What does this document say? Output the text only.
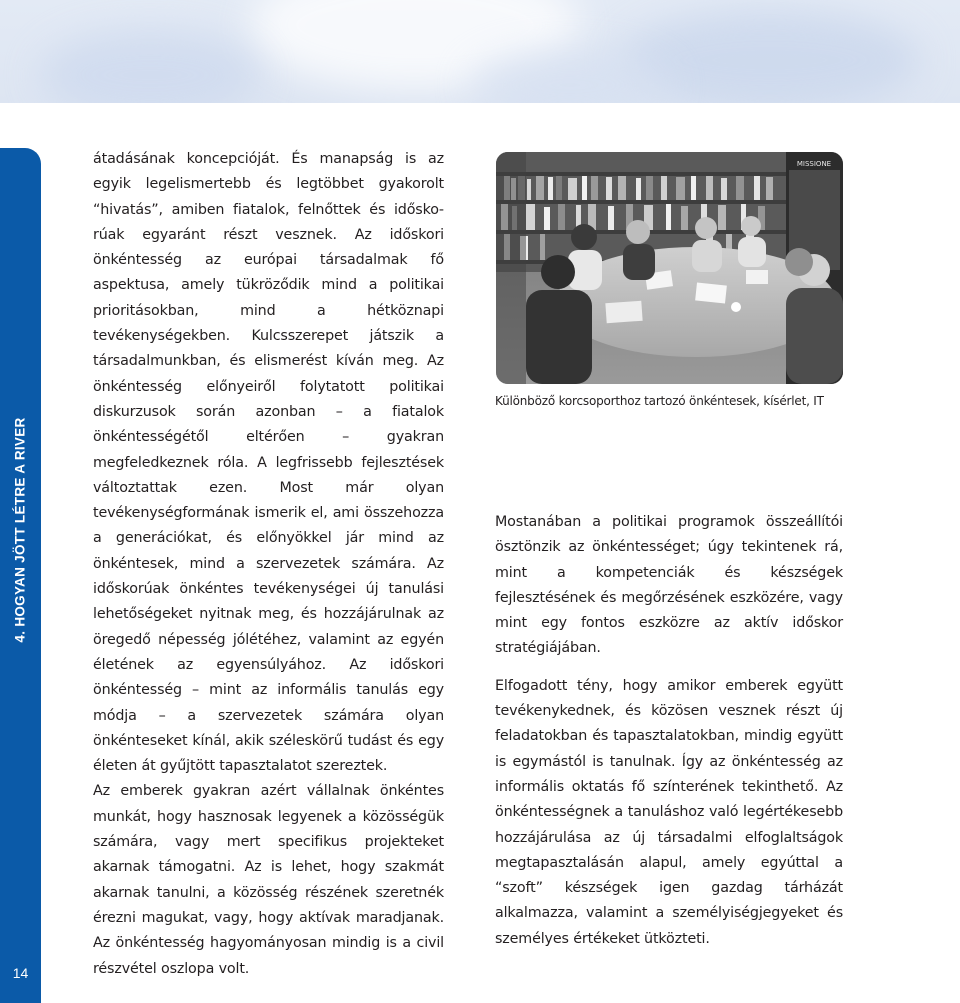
4. HOGYAN JÖTT LÉTRE A RIVER
14

átadásának koncepcióját. És manapság is az egyik legelismertebb és legtöbbet gyakorolt “hivatás”, amiben fiatalok, felnőttek és időskorúak egyaránt részt vesznek. Az időskori önkéntesség az európai társadalmak fő aspektusa, amely tükröződik mind a politikai prioritásokban, mind a hétköznapi tevékenységekben. Kulcsszerepet játszik a társadalmunkban, és elismerést kíván meg. Az önkéntesség előnyeiről folytatott politikai diskurzusok során azonban – a fiatalok önkéntességétől eltérően – gyakran megfeledkeznek róla. A legfrissebb fejlesztések változtattak ezen. Most már olyan tevékenységformának ismerik el, ami összehozza a generációkat, és előnyökkel jár mind az önkéntesek, mind a szervezetek számára. Az időskorúak önkéntes tevékenységei új tanulási lehetőségeket nyitnak meg, és hozzájárulnak az öregedő népesség jólétéhez, valamint az egyén életének az egyensúlyához. Az időskori önkéntesség – mint az informális tanulás egy módja – a szervezetek számára olyan önkénteseket kínál, akik széleskörű tudást és egy életen át gyűjtött tapasztalatot szereztek.

Az emberek gyakran azért vállalnak önkéntes munkát, hogy hasznosak legyenek a közösségük számára, vagy mert specifikus projekteket akarnak támogatni. Az is lehet, hogy szakmát akarnak tanulni, a közösség részének szeretnék érezni magukat, vagy, hogy aktívak maradjanak. Az önkéntesség hagyományosan mindig is a civil részvétel oszlopa volt.

MISSIONE
Különböző korcsoporthoz tartozó önkéntesek, kísérlet, IT

Mostanában a politikai programok összeállítói ösztönzik az önkéntességet; úgy tekintenek rá, mint a kompetenciák és készségek fejlesztésének és megőrzésének eszközére, vagy mint egy fontos eszközre az aktív időskor stratégiájában.

Elfogadott tény, hogy amikor emberek együtt tevékenykednek, és közösen vesznek részt új feladatokban és tapasztalatokban, mindig együtt is egymástól is tanulnak. Így az önkéntesség az informális oktatás fő színterének tekinthető. Az önkéntességnek a tanuláshoz való legértékesebb hozzájárulása az új társadalmi elfoglaltságok megtapasztalásán alapul, amely egyúttal a “szoft” készségek igen gazdag tárházát alkalmazza, valamint a személyiségjegyeket és személyes értékeket ütközteti.
